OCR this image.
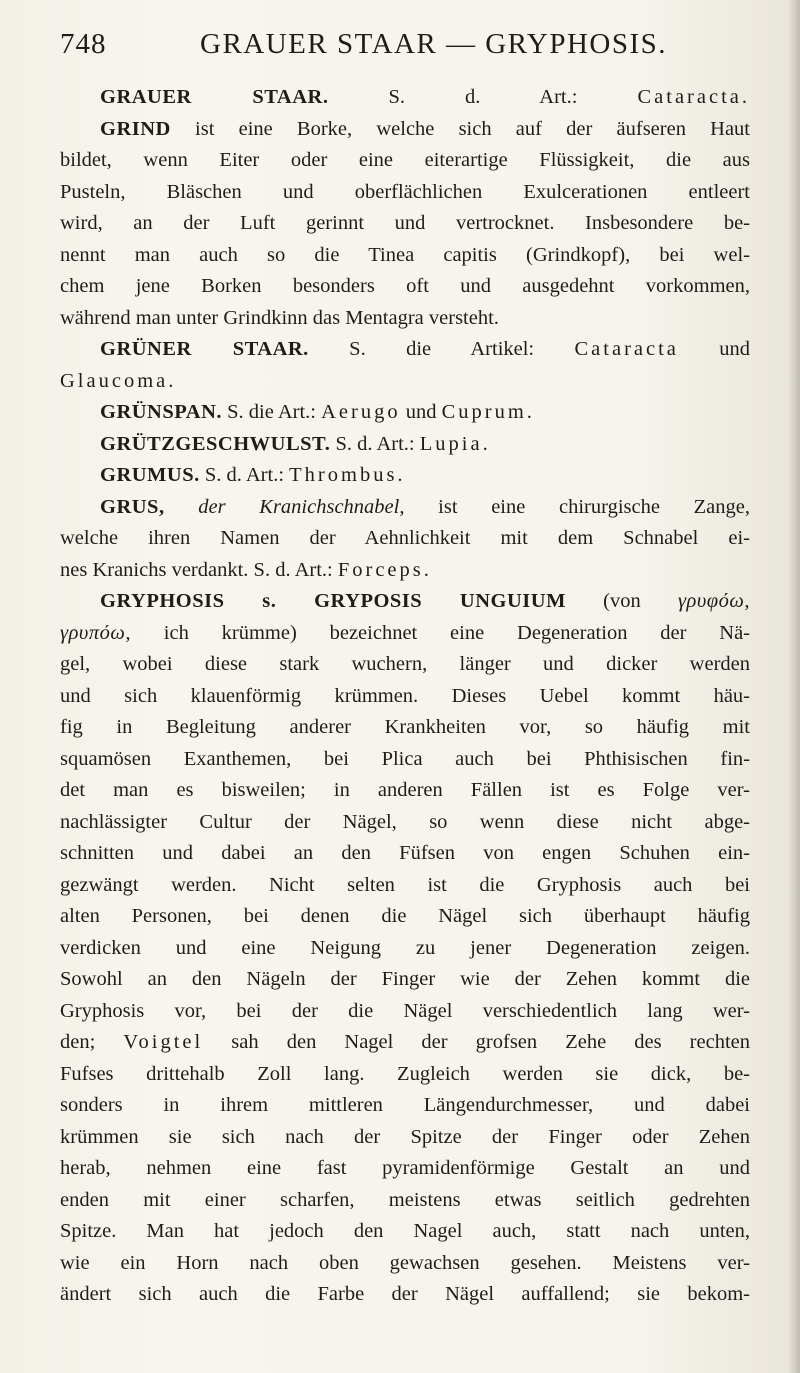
748	GRAUER STAAR — GRYPHOSIS.
GRAUER STAAR. S. d. Art.: Cataracta.
GRIND ist eine Borke, welche sich auf der äufseren Haut
bildet, wenn Eiter oder eine eiterartige Flüssigkeit, die aus
Pusteln, Bläschen und oberflächlichen Exulcerationen entleert
wird, an der Luft gerinnt und vertrocknet. Insbesondere be-
nennt man auch so die Tinea capitis (Grindkopf), bei wel-
chem jene Borken besonders oft und ausgedehnt vorkommen,
während man unter Grindkinn das Mentagra versteht.
GRÜNER STAAR. S. die Artikel: Cataracta und
Glaucoma.
GRÜNSPAN. S. die Art.: Aerugo und Cuprum.
GRÜTZGESCHWULST. S. d. Art.: Lupia.
GRUMUS. S. d. Art.: Thrombus.
GRUS, der Kranichschnabel, ist eine chirurgische Zange,
welche ihren Namen der Aehnlichkeit mit dem Schnabel ei-
nes Kranichs verdankt. S. d. Art.: Forceps.
GRYPHOSIS s. GRYPOSIS UNGUIUM (von γρυφόω,
γρυπόω, ich krümme) bezeichnet eine Degeneration der Nä-
gel, wobei diese stark wuchern, länger und dicker werden
und sich klauenförmig krümmen. Dieses Uebel kommt häu-
fig in Begleitung anderer Krankheiten vor, so häufig mit
squamösen Exanthemen, bei Plica auch bei Phthisischen fin-
det man es bisweilen; in anderen Fällen ist es Folge ver-
nachlässigter Cultur der Nägel, so wenn diese nicht abge-
schnitten und dabei an den Füfsen von engen Schuhen ein-
gezwängt werden. Nicht selten ist die Gryphosis auch bei
alten Personen, bei denen die Nägel sich überhaupt häufig
verdicken und eine Neigung zu jener Degeneration zeigen.
Sowohl an den Nägeln der Finger wie der Zehen kommt die
Gryphosis vor, bei der die Nägel verschiedentlich lang wer-
den; Voigtel sah den Nagel der grofsen Zehe des rechten
Fufses drittehalb Zoll lang. Zugleich werden sie dick, be-
sonders in ihrem mittleren Längendurchmesser, und dabei
krümmen sie sich nach der Spitze der Finger oder Zehen
herab, nehmen eine fast pyramidenförmige Gestalt an und
enden mit einer scharfen, meistens etwas seitlich gedrehten
Spitze. Man hat jedoch den Nagel auch, statt nach unten,
wie ein Horn nach oben gewachsen gesehen. Meistens ver-
ändert sich auch die Farbe der Nägel auffallend; sie bekom-
